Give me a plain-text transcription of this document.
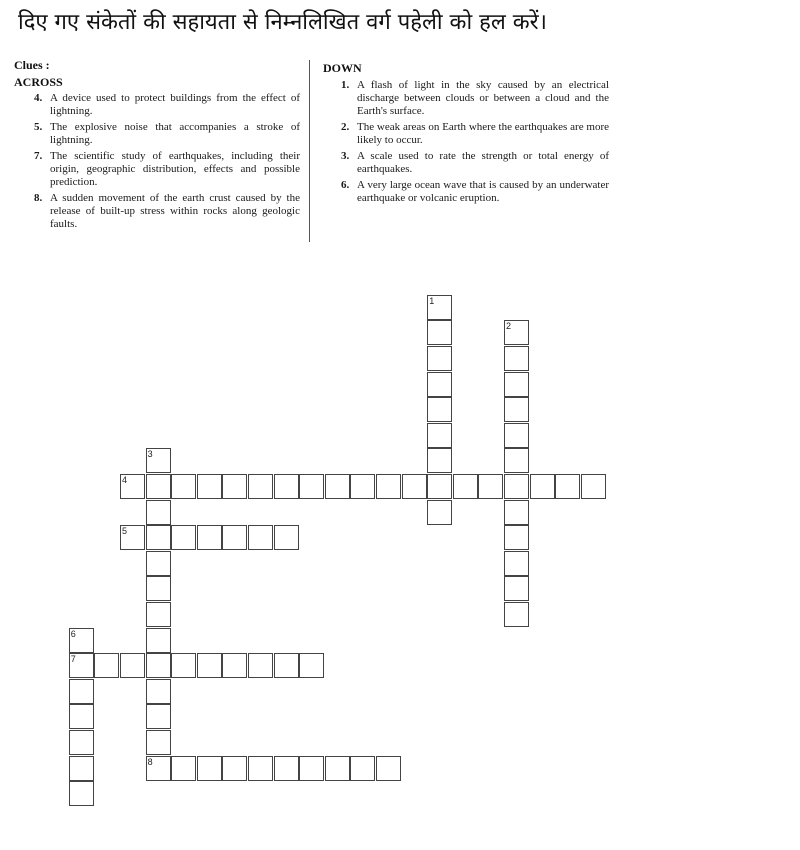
दिए गए संकेतों की सहायता से निम्नलिखित वर्ग पहेली को हल करें।
Clues :
ACROSS
DOWN
4. A device used to protect buildings from the effect of lightning.
5. The explosive noise that accompanies a stroke of lightning.
7. The scientific study of earthquakes, including their origin, geographic distribution, effects and possible prediction.
8. A sudden movement of the earth crust caused by the release of built-up stress within rocks along geologic faults.
1. A flash of light in the sky caused by an electrical discharge between clouds or between a cloud and the Earth's surface.
2. The weak areas on Earth where the earthquakes are more likely to occur.
3. A scale used to rate the strength or total energy of earthquakes.
6. A very large ocean wave that is caused by an underwater earthquake or volcanic eruption.
4
1
2
3
8
5
7
6
